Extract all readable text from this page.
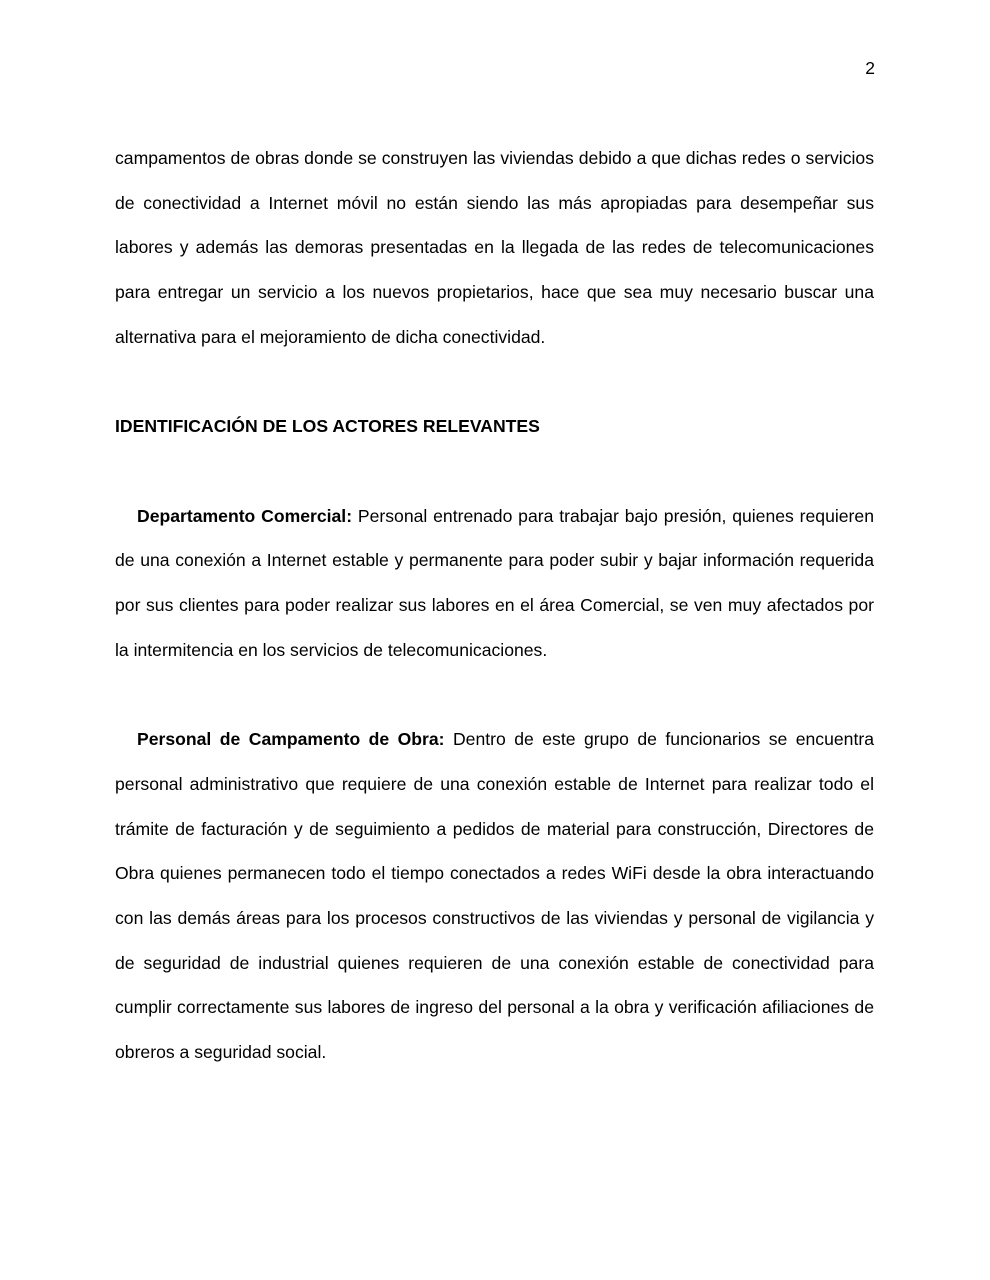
2

campamentos de obras donde se construyen las viviendas debido a que dichas redes o servicios de conectividad a Internet móvil no están siendo las más apropiadas para desempeñar sus labores y además las demoras presentadas en la llegada de las redes de telecomunicaciones para entregar un servicio a los nuevos propietarios, hace que sea muy necesario buscar una alternativa para el mejoramiento de dicha conectividad.

IDENTIFICACIÓN DE LOS ACTORES RELEVANTES

Departamento Comercial: Personal entrenado para trabajar bajo presión, quienes requieren de una conexión a Internet estable y permanente para poder subir y bajar información requerida por sus clientes para poder realizar sus labores en el área Comercial, se ven muy afectados por la intermitencia en los servicios de telecomunicaciones.

Personal de Campamento de Obra: Dentro de este grupo de funcionarios se encuentra personal administrativo que requiere de una conexión estable de Internet para realizar todo el trámite de facturación y de seguimiento a pedidos de material para construcción, Directores de Obra quienes permanecen todo el tiempo conectados a redes WiFi desde la obra interactuando con las demás áreas para los procesos constructivos de las viviendas y personal de vigilancia y de seguridad de industrial quienes requieren de una conexión estable de conectividad para cumplir correctamente sus labores de ingreso del personal a la obra y verificación afiliaciones de obreros a seguridad social.
